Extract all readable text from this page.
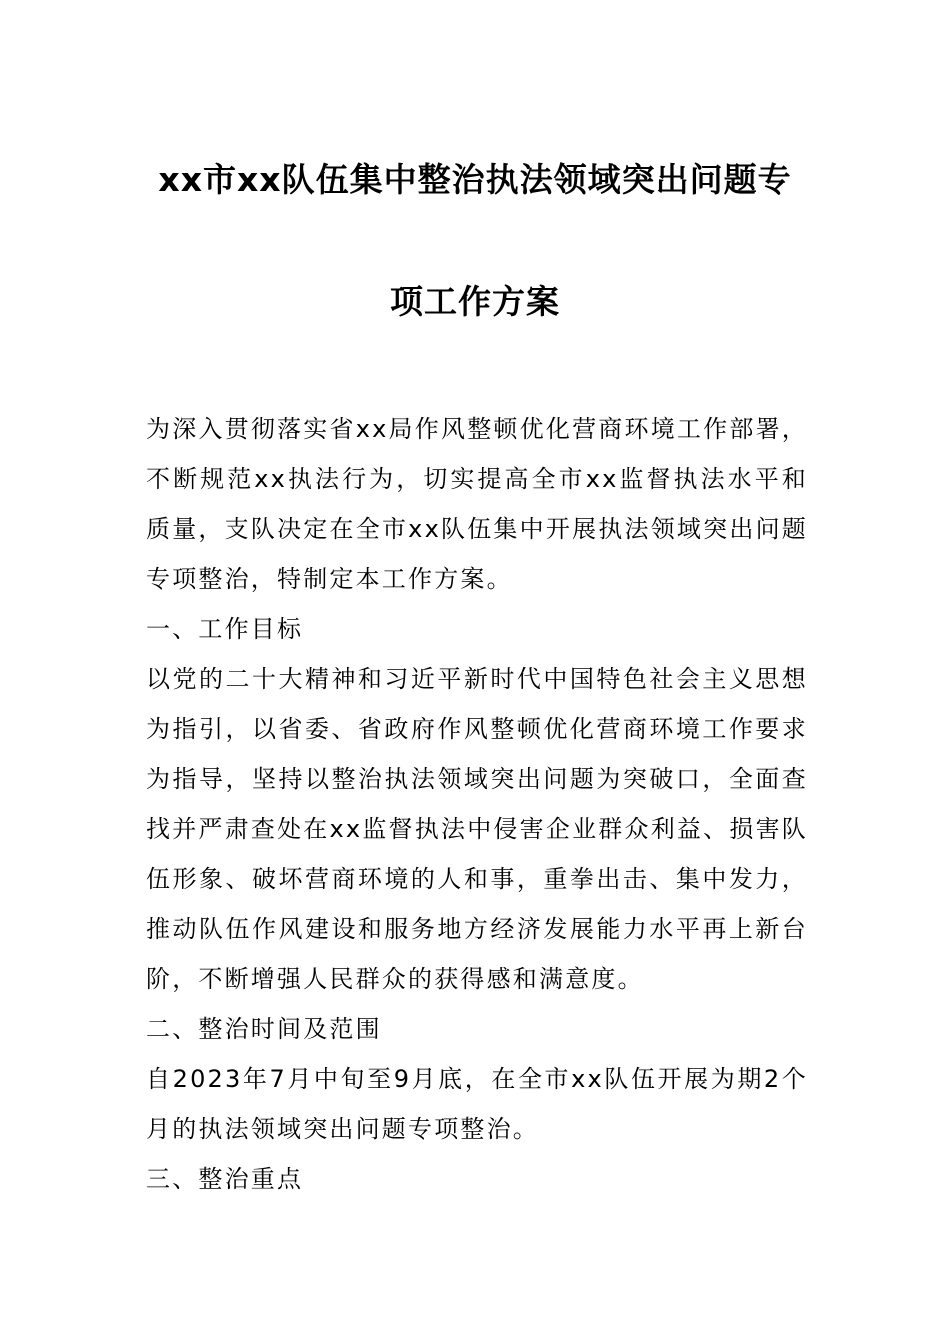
xx市xx队伍集中整治执法领域突出问题专
项工作方案

为深入贯彻落实省xx局作风整顿优化营商环境工作部署，不断规范xx执法行为，切实提高全市xx监督执法水平和质量，支队决定在全市xx队伍集中开展执法领域突出问题专项整治，特制定本工作方案。

一、工作目标

以党的二十大精神和习近平新时代中国特色社会主义思想为指引，以省委、省政府作风整顿优化营商环境工作要求为指导，坚持以整治执法领域突出问题为突破口，全面查找并严肃查处在xx监督执法中侵害企业群众利益、损害队伍形象、破坏营商环境的人和事，重拳出击、集中发力，推动队伍作风建设和服务地方经济发展能力水平再上新台阶，不断增强人民群众的获得感和满意度。

二、整治时间及范围

自2023年7月中旬至9月底，在全市xx队伍开展为期2个月的执法领域突出问题专项整治。

三、整治重点
